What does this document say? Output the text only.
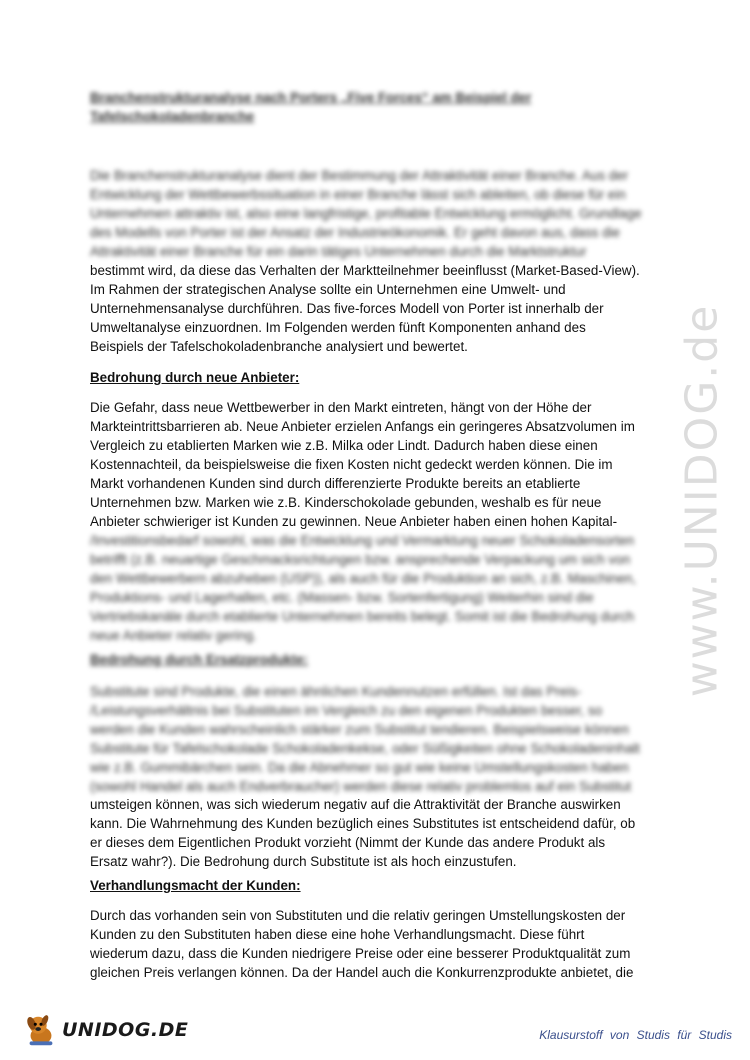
Branchenstrukturanalyse nach Porters „Five Forces“ am Beispiel der
Tafelschokoladenbranche
Die Branchenstrukturanalyse dient der Bestimmung der Attraktivität einer Branche. Aus der
Entwicklung der Wettbewerbssituation in einer Branche lässt sich ableiten, ob diese für ein
Unternehmen attraktiv ist, also eine langfristige, profitable Entwicklung ermöglicht. Grundlage
des Modells von Porter ist der Ansatz der Industrieökonomik. Er geht davon aus, dass die
Attraktivität einer Branche für ein darin tätiges Unternehmen durch die Marktstruktur
bestimmt wird, da diese das Verhalten der Marktteilnehmer beeinflusst (Market-Based-View).
Im Rahmen der strategischen Analyse sollte ein Unternehmen eine Umwelt- und
Unternehmensanalyse durchführen. Das five-forces Modell von Porter ist innerhalb der
Umweltanalyse einzuordnen. Im Folgenden werden fünft Komponenten anhand des
Beispiels der Tafelschokoladenbranche analysiert und bewertet.
Bedrohung durch neue Anbieter:
Die Gefahr, dass neue Wettbewerber in den Markt eintreten, hängt von der Höhe der
Markteintrittsbarrieren ab. Neue Anbieter erzielen Anfangs ein geringeres Absatzvolumen im
Vergleich zu etablierten Marken wie z.B. Milka oder Lindt. Dadurch haben diese einen
Kostennachteil, da beispielsweise die fixen Kosten nicht gedeckt werden können. Die im
Markt vorhandenen Kunden sind durch differenzierte Produkte bereits an etablierte
Unternehmen bzw. Marken wie z.B. Kinderschokolade gebunden, weshalb es für neue
Anbieter schwieriger ist Kunden zu gewinnen. Neue Anbieter haben einen hohen Kapital-
/Investitionsbedarf sowohl, was die Entwicklung und Vermarktung neuer Schokoladensorten
betrifft (z.B. neuartige Geschmacksrichtungen bzw. ansprechende Verpackung um sich von
den Wettbewerbern abzuheben (USP)), als auch für die Produktion an sich, z.B. Maschinen,
Produktions- und Lagerhallen, etc. (Massen- bzw. Sortenfertigung) Weiterhin sind die
Vertriebskanäle durch etablierte Unternehmen bereits belegt. Somit ist die Bedrohung durch
neue Anbieter relativ gering.
Bedrohung durch Ersatzprodukte:
Substitute sind Produkte, die einen ähnlichen Kundennutzen erfüllen. Ist das Preis-
/Leistungsverhältnis bei Substituten im Vergleich zu den eigenen Produkten besser, so
werden die Kunden wahrscheinlich stärker zum Substitut tendieren. Beispielsweise können
Substitute für Tafelschokolade Schokoladenkekse, oder Süßigkeiten ohne Schokoladeninhalt
wie z.B. Gummibärchen sein. Da die Abnehmer so gut wie keine Umstellungskosten haben
(sowohl Handel als auch Endverbraucher) werden diese relativ problemlos auf ein Substitut
umsteigen können, was sich wiederum negativ auf die Attraktivität der Branche auswirken
kann. Die Wahrnehmung des Kunden bezüglich eines Substitutes ist entscheidend dafür, ob
er dieses dem Eigentlichen Produkt vorzieht (Nimmt der Kunde das andere Produkt als
Ersatz wahr?). Die Bedrohung durch Substitute ist als hoch einzustufen.
Verhandlungsmacht der Kunden:
Durch das vorhanden sein von Substituten und die relativ geringen Umstellungskosten der
Kunden zu den Substituten haben diese eine hohe Verhandlungsmacht. Diese führt
wiederum dazu, dass die Kunden niedrigere Preise oder eine besserer Produktqualität zum
gleichen Preis verlangen können. Da der Handel auch die Konkurrenzprodukte anbietet, die
www.UNIDOG.de
UNIDOG.DE	Klausurstoff von Studis für Studis
